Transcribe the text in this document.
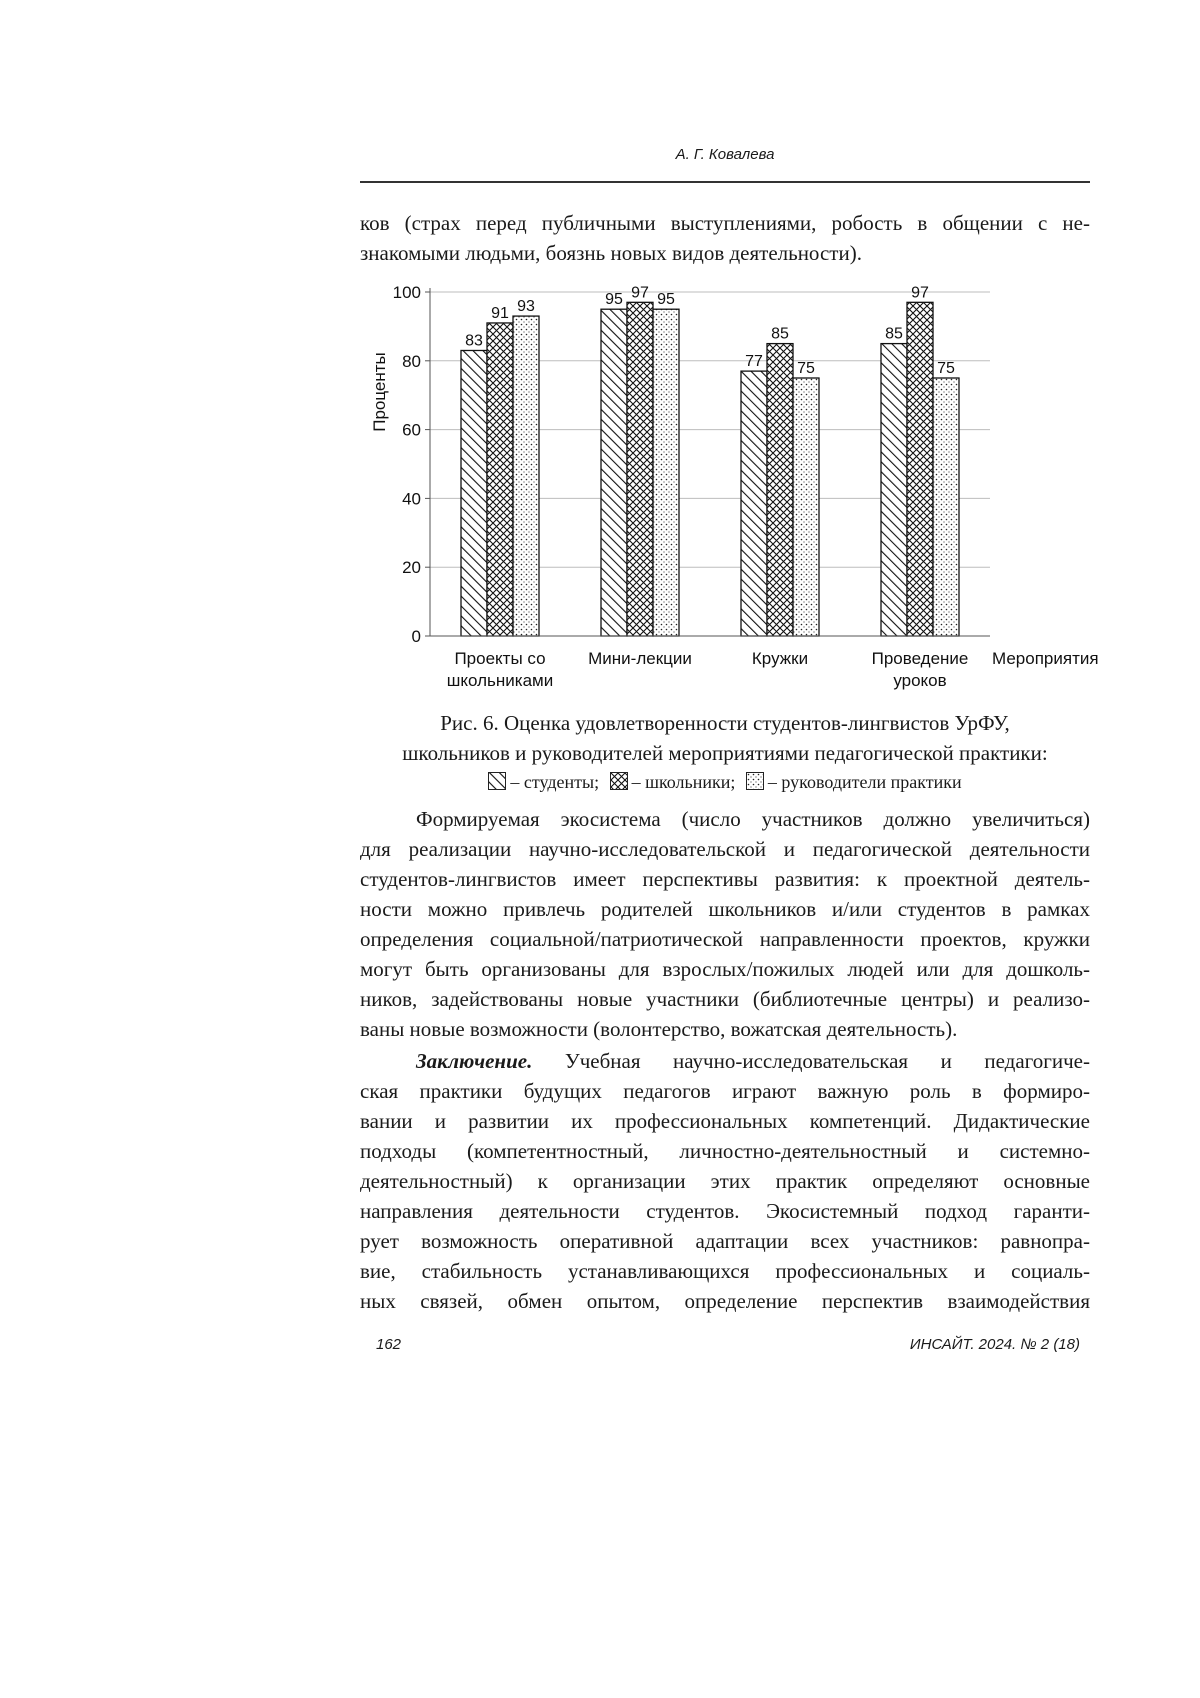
А. Г. Ковалева
ков (страх перед публичными выступлениями, робость в общении с не-
знакомыми людьми, боязнь новых видов деятельности).
0
20
40
60
80
100
Проценты
83
91 93
Проекты со
школьниками
95 97 95
Мини-лекции
77
85
75
Кружки
85
97
75
Проведение
уроков
Мероприятия
Рис. 6. Оценка удовлетворенности студентов-лингвистов УрФУ,
школьников и руководителей мероприятиями педагогической практики:
– студенты; – школьники; – руководители практики
Формируемая экосистема (число участников должно увеличиться)
для реализации научно-исследовательской и педагогической деятельности
студентов-лингвистов имеет перспективы развития: к проектной деятель-
ности можно привлечь родителей школьников и/или студентов в рамках
определения социальной/патриотической направленности проектов, кружки
могут быть организованы для взрослых/пожилых людей или для дошколь-
ников, задействованы новые участники (библиотечные центры) и реализо-
ваны новые возможности (волонтерство, вожатская деятельность).
Заключение. Учебная научно-исследовательская и педагогиче-
ская практики будущих педагогов играют важную роль в формиро-
вании и развитии их профессиональных компетенций. Дидактические
подходы (компетентностный, личностно-деятельностный и системно-
деятельностный) к организации этих практик определяют основные
направления деятельности студентов. Экосистемный подход гаранти-
рует возможность оперативной адаптации всех участников: равнопра-
вие, стабильность устанавливающихся профессиональных и социаль-
ных связей, обмен опытом, определение перспектив взаимодействия
162	ИНСАЙТ. 2024. № 2 (18)
